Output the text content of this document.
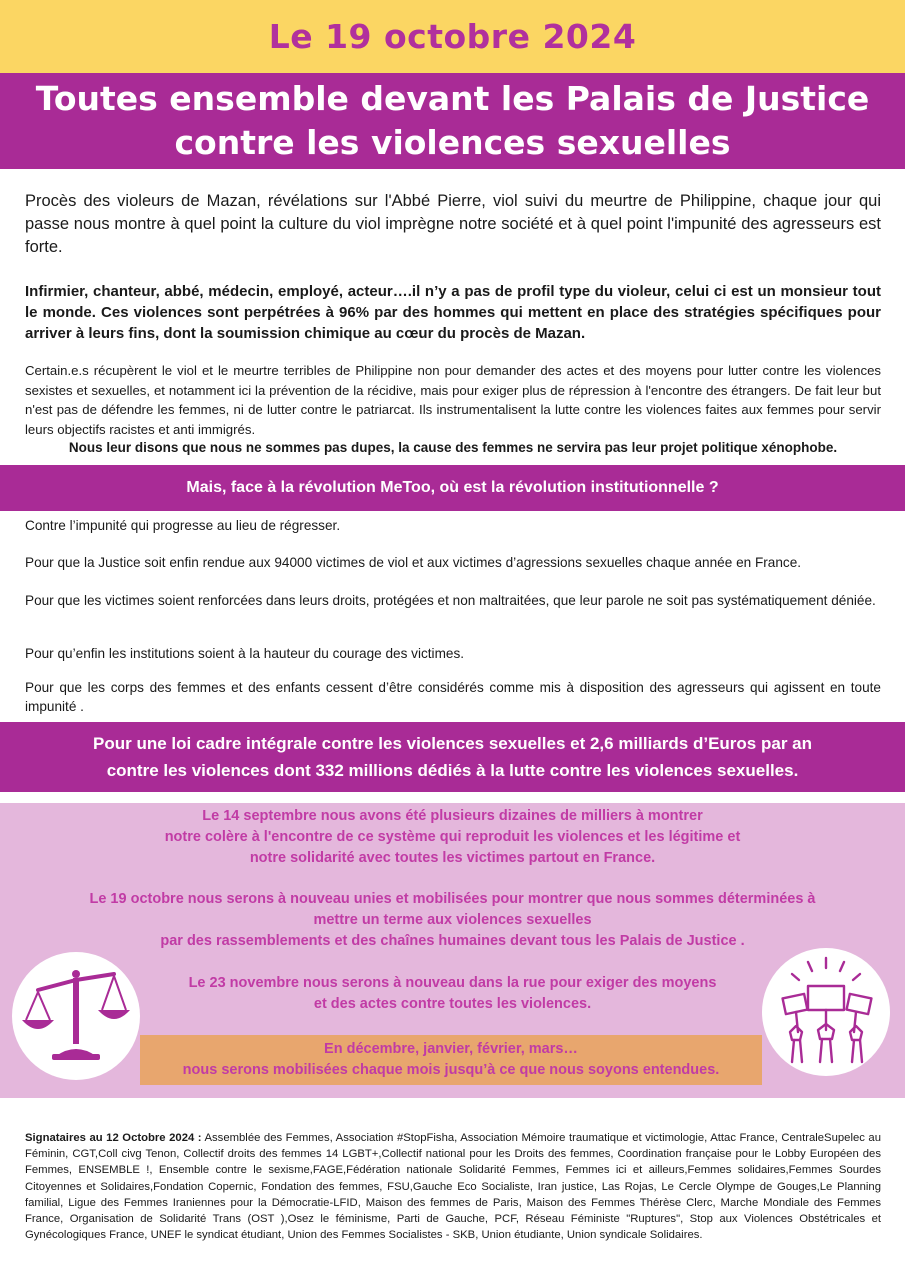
Le 19 octobre 2024
Toutes ensemble devant les Palais de Justice
contre les violences sexuelles

Procès des violeurs de Mazan, révélations sur l'Abbé Pierre, viol suivi du meurtre de Philippine, chaque jour qui passe nous montre à quel point la culture du viol imprègne notre société et à quel point l'impunité des agresseurs est forte.

Infirmier, chanteur, abbé, médecin, employé, acteur….il n’y a pas de profil type du violeur, celui ci est un monsieur tout le monde. Ces violences sont perpétrées à 96% par des hommes qui mettent en place des stratégies spécifiques pour arriver à leurs fins, dont la soumission chimique au cœur du procès de Mazan.

Certain.e.s récupèrent le viol et le meurtre terribles de Philippine non pour demander des actes et des moyens pour lutter contre les violences sexistes et sexuelles, et notamment ici la prévention de la récidive, mais pour exiger plus de répression à l'encontre des étrangers. De fait leur but n'est pas de défendre les femmes, ni de lutter contre le patriarcat. Ils instrumentalisent la lutte contre les violences faites aux femmes pour servir leurs objectifs racistes et anti immigrés.

Nous leur disons que nous ne sommes pas dupes, la cause des femmes ne servira pas leur projet politique xénophobe.

Mais, face à la révolution MeToo, où est la révolution institutionnelle ?

Contre l’impunité qui progresse au lieu de régresser.

Pour que la Justice soit enfin rendue aux 94000 victimes de viol et aux victimes d’agressions sexuelles chaque année en France.

Pour que les victimes soient renforcées dans leurs droits, protégées et non maltraitées, que leur parole ne soit pas systématiquement déniée.

Pour qu’enfin les institutions soient à la hauteur du courage des victimes.

Pour que les corps des femmes et des enfants cessent d’être considérés comme mis à disposition des agresseurs qui agissent en toute impunité .

Pour une loi cadre intégrale contre les violences sexuelles et 2,6 milliards d’Euros par an
contre les violences dont 332 millions dédiés à la lutte contre les violences sexuelles.
Le 14 septembre nous avons été plusieurs dizaines de milliers à montrer
notre colère à l'encontre de ce système qui reproduit les violences et les légitime et
notre solidarité avec toutes les victimes partout en France.
Le 19 octobre nous serons à nouveau unies et mobilisées pour montrer que nous sommes déterminées à
mettre un terme aux violences sexuelles
par des rassemblements et des chaînes humaines devant tous les Palais de Justice .
Le 23 novembre nous serons à nouveau dans la rue pour exiger des moyens
et des actes contre toutes les violences.
En décembre, janvier, février, mars…
nous serons mobilisées chaque mois jusqu’à ce que nous soyons entendues.

Signataires au 12 Octobre 2024 : Assemblée des Femmes, Association #StopFisha, Association Mémoire traumatique et victimologie, Attac France, CentraleSupelec au Féminin, CGT,Coll civg Tenon, Collectif droits des femmes 14 LGBT+,Collectif national pour les Droits des femmes, Coordination française pour le Lobby Européen des Femmes, ENSEMBLE !, Ensemble contre le sexisme,FAGE,Fédération nationale Solidarité Femmes, Femmes ici et ailleurs,Femmes solidaires,Femmes Sourdes Citoyennes et Solidaires,Fondation Copernic, Fondation des femmes, FSU,Gauche Eco Socialiste, Iran justice, Las Rojas, Le Cercle Olympe de Gouges,Le Planning familial, Ligue des Femmes Iraniennes pour la Démocratie-LFID, Maison des femmes de Paris, Maison des Femmes Thérèse Clerc, Marche Mondiale des Femmes France, Organisation de Solidarité Trans (OST ),Osez le féminisme, Parti de Gauche, PCF, Réseau Féministe "Ruptures", Stop aux Violences Obstétricales et Gynécologiques France, UNEF le syndicat étudiant, Union des Femmes Socialistes - SKB, Union étudiante, Union syndicale Solidaires.
